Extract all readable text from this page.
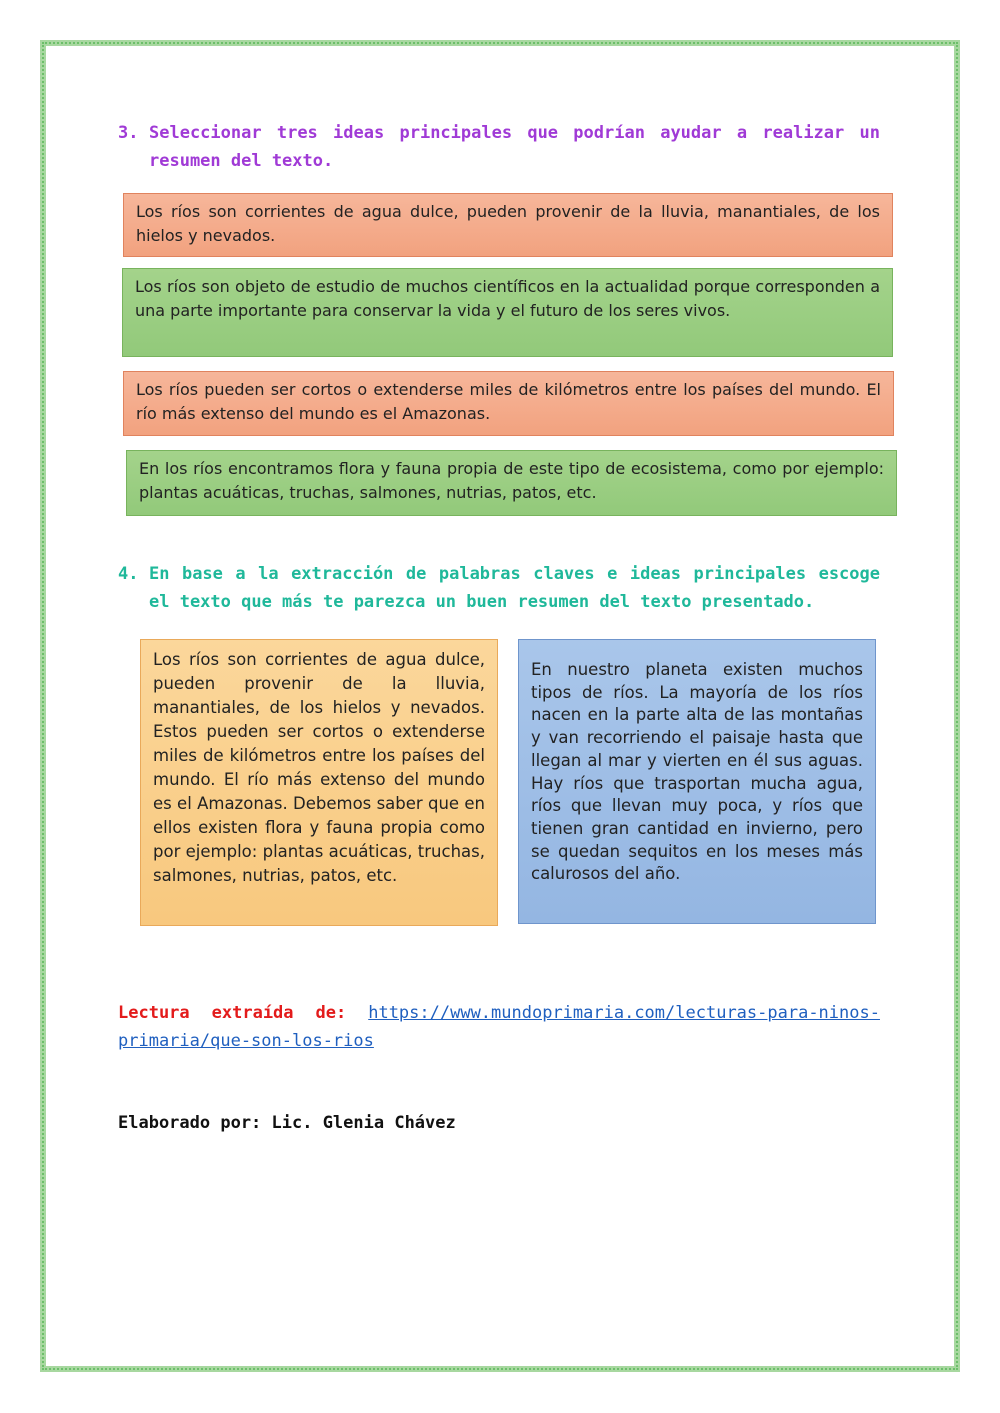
3. Seleccionar tres ideas principales que podrían ayudar a realizar un resumen del texto.
Los ríos son corrientes de agua dulce, pueden provenir de la lluvia, manantiales, de los hielos y nevados.
Los ríos son objeto de estudio de muchos científicos en la actualidad porque corresponden a una parte importante para conservar la vida y el futuro de los seres vivos.
Los ríos pueden ser cortos o extenderse miles de kilómetros entre los países del mundo. El río más extenso del mundo es el Amazonas.
En los ríos encontramos flora y fauna propia de este tipo de ecosistema, como por ejemplo: plantas acuáticas, truchas, salmones, nutrias, patos, etc.
4. En base a la extracción de palabras claves e ideas principales escoge el texto que más te parezca un buen resumen del texto presentado.
Los ríos son corrientes de agua dulce, pueden provenir de la lluvia, manantiales, de los hielos y nevados. Estos pueden ser cortos o extenderse miles de kilómetros entre los países del mundo. El río más extenso del mundo es el Amazonas. Debemos saber que en ellos existen flora y fauna propia como por ejemplo: plantas acuáticas, truchas, salmones, nutrias, patos, etc.
En nuestro planeta existen muchos tipos de ríos. La mayoría de los ríos nacen en la parte alta de las montañas y van recorriendo el paisaje hasta que llegan al mar y vierten en él sus aguas. Hay ríos que trasportan mucha agua, ríos que llevan muy poca, y ríos que tienen gran cantidad en invierno, pero se quedan sequitos en los meses más calurosos del año.
Lectura extraída de: https://www.mundoprimaria.com/lecturas-para-ninos-
primaria/que-son-los-rios
Elaborado por: Lic. Glenia Chávez
